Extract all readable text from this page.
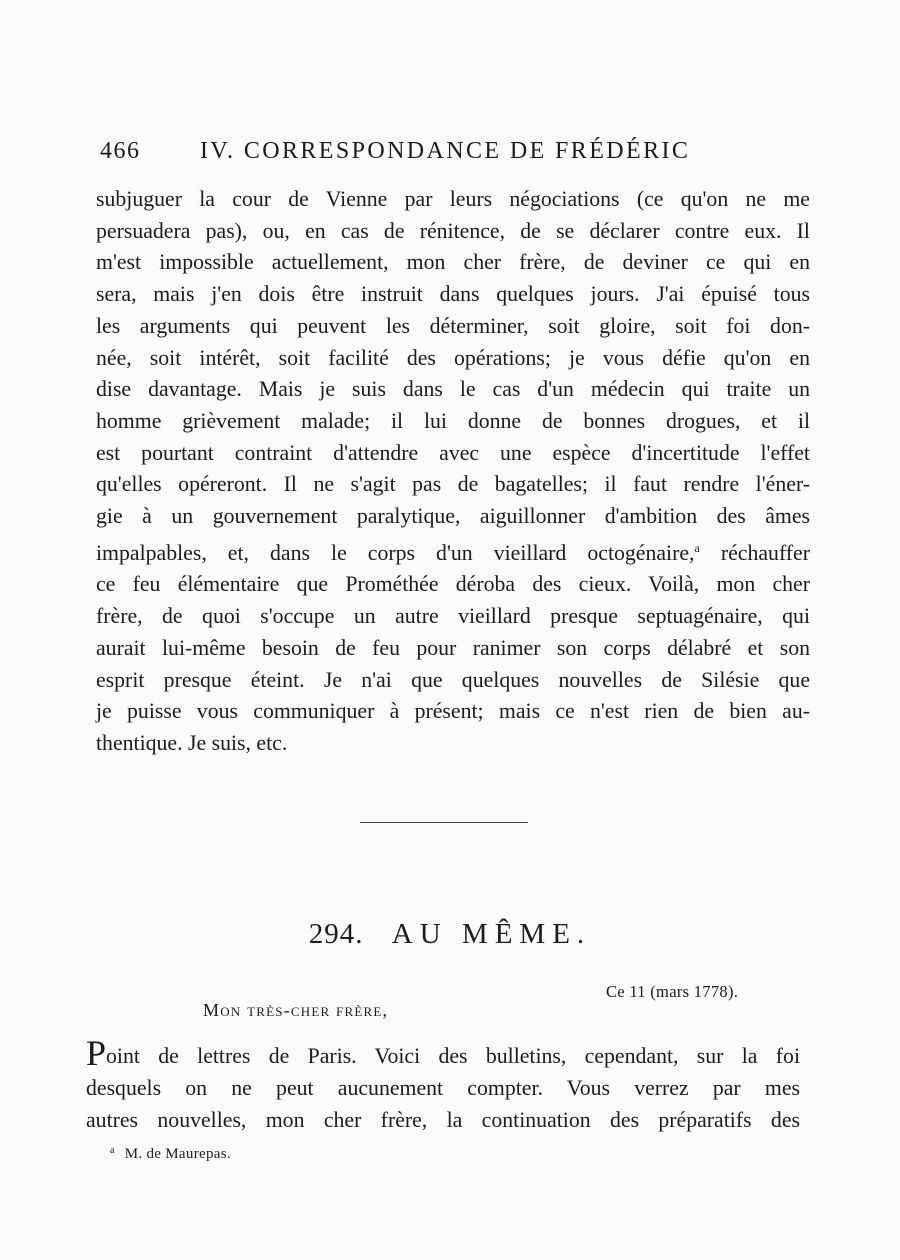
466 IV. CORRESPONDANCE DE FRÉDÉRIC
subjuguer la cour de Vienne par leurs négociations (ce qu'on ne me
persuadera pas), ou, en cas de rénitence, de se déclarer contre eux. Il
m'est impossible actuellement, mon cher frère, de deviner ce qui en
sera, mais j'en dois être instruit dans quelques jours. J'ai épuisé tous
les arguments qui peuvent les déterminer, soit gloire, soit foi don-
née, soit intérêt, soit facilité des opérations; je vous défie qu'on en
dise davantage. Mais je suis dans le cas d'un médecin qui traite un
homme grièvement malade; il lui donne de bonnes drogues, et il
est pourtant contraint d'attendre avec une espèce d'incertitude l'effet
qu'elles opéreront. Il ne s'agit pas de bagatelles; il faut rendre l'éner-
gie à un gouvernement paralytique, aiguillonner d'ambition des âmes
impalpables, et, dans le corps d'un vieillard octogénaire,$^a$ réchauffer
ce feu élémentaire que Prométhée déroba des cieux. Voilà, mon cher
frère, de quoi s'occupe un autre vieillard presque septuagénaire, qui
aurait lui-même besoin de feu pour ranimer son corps délabré et son
esprit presque éteint. Je n'ai que quelques nouvelles de Silésie que
je puisse vous communiquer à présent; mais ce n'est rien de bien au-
thentique. Je suis, etc.
294. AU MÊME.
Ce 11 (mars 1778).
Mon très-cher frère,
Point de lettres de Paris. Voici des bulletins, cependant, sur la foi
desquels on ne peut aucunement compter. Vous verrez par mes
autres nouvelles, mon cher frère, la continuation des préparatifs des
$^a$ M. de Maurepas.
